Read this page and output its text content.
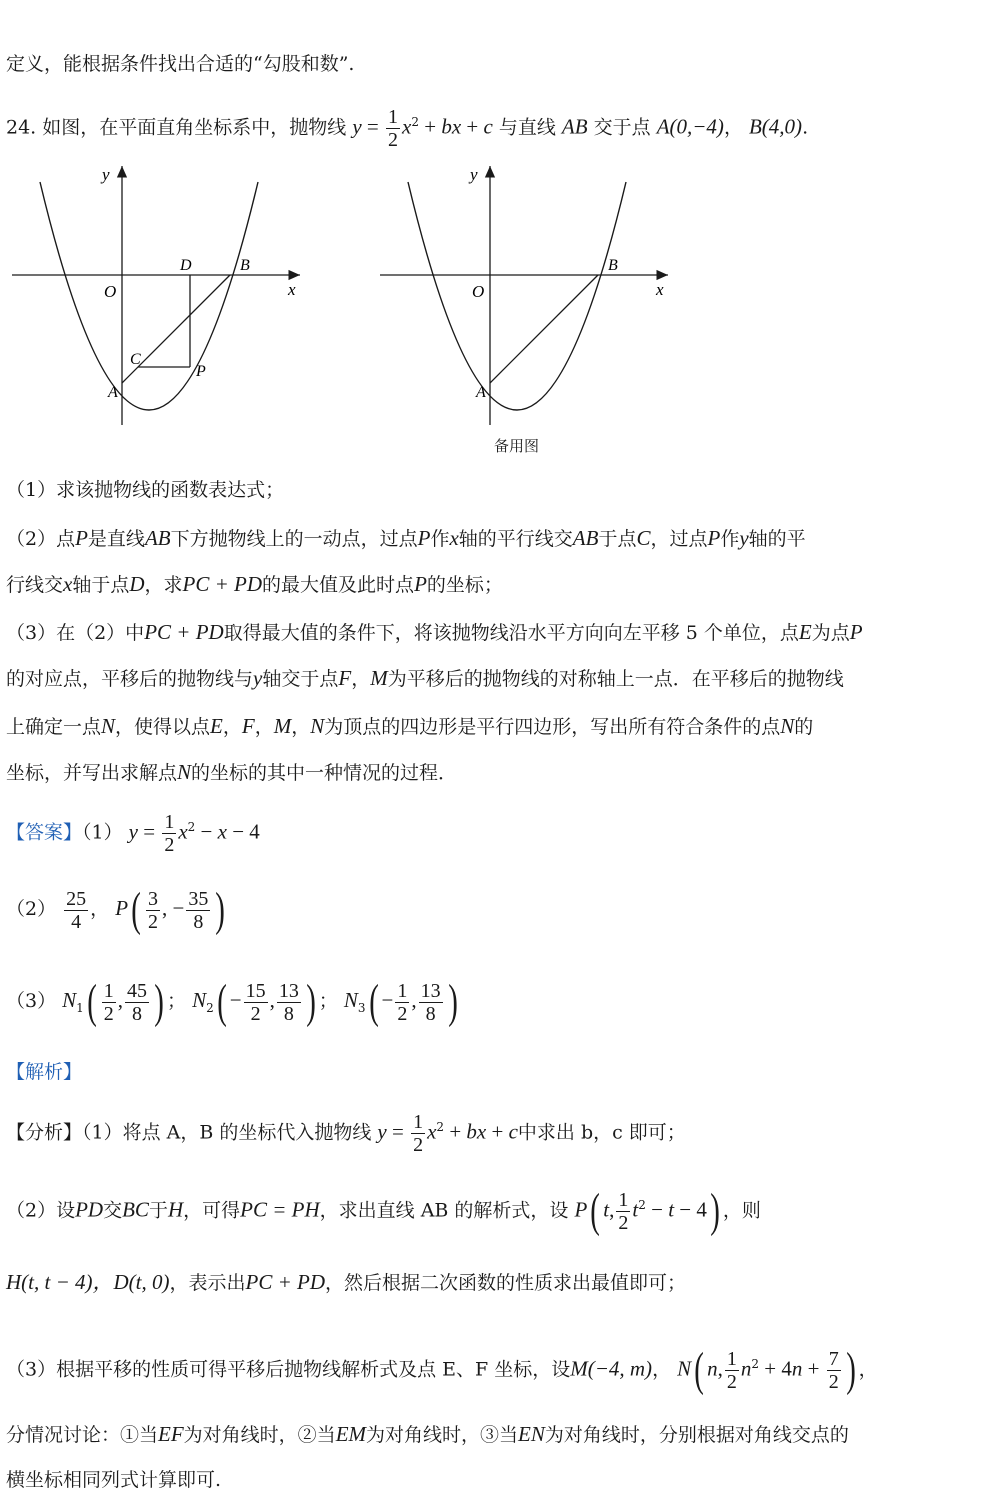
定义，能根据条件找出合适的“勾股和数”.
24. 如图，在平面直角坐标系中，抛物线 $y = \frac{1}{2} x^2$ + bx + c 与直线 AB 交于点 A(0,−4)， B(4,0).
y
x
O
A
B
C
D
P
y
x
O
A
B
备用图
（1）求该抛物线的函数表达式；
（2）点P是直线AB下方抛物线上的一动点，过点P作x轴的平行线交AB于点C，过点P作y轴的平
行线交x轴于点D，求PC + PD的最大值及此时点P的坐标；
（3）在（2）中PC + PD取得最大值的条件下，将该抛物线沿水平方向向左平移 5 个单位，点E为点P
的对应点，平移后的抛物线与y轴交于点F，M为平移后的抛物线的对称轴上一点．在平移后的抛物线
上确定一点N，使得以点E，F，M，N为顶点的四边形是平行四边形，写出所有符合条件的点N的
坐标，并写出求解点N的坐标的其中一种情况的过程．
【答案】（1） $y = \frac{1}{2} x^2 - x - 4$
$(2) \frac{25}{4}$ ， $P( \frac{3}{2}$ , − $\frac{35}{8}$ )
（3） $N_1( \frac{1}{2}$ , $\frac{45}{8}$ ) ； $N_2( - \frac{15}{2}$ , $\frac{13}{8}$ ) ； $N_3( - \frac{1}{2}$ , $\frac{13}{8}$ )
【解析】
【分析】（1）将点 A，B 的坐标代入抛物线 $y = \frac{1}{2} x^2$ + bx + c中求出 b，c 即可；
（2）设PD交BC于H，可得PC = PH，求出直线 AB 的解析式，设 P( t, $\frac{1}{2} t^2 - t - 4$) ，则
H(t, t − 4)，D(t, 0)，表示出PC + PD，然后根据二次函数的性质求出最值即可；
（3）根据平移的性质可得平移后抛物线解析式及点 E、F 坐标，设M(−4, m)， N( n, $\frac{1}{2} n^2 + 4n + \frac{7}{2}$ ) ，
分情况讨论：①当EF为对角线时，②当EM为对角线时，③当EN为对角线时，分别根据对角线交点的
横坐标相同列式计算即可.
